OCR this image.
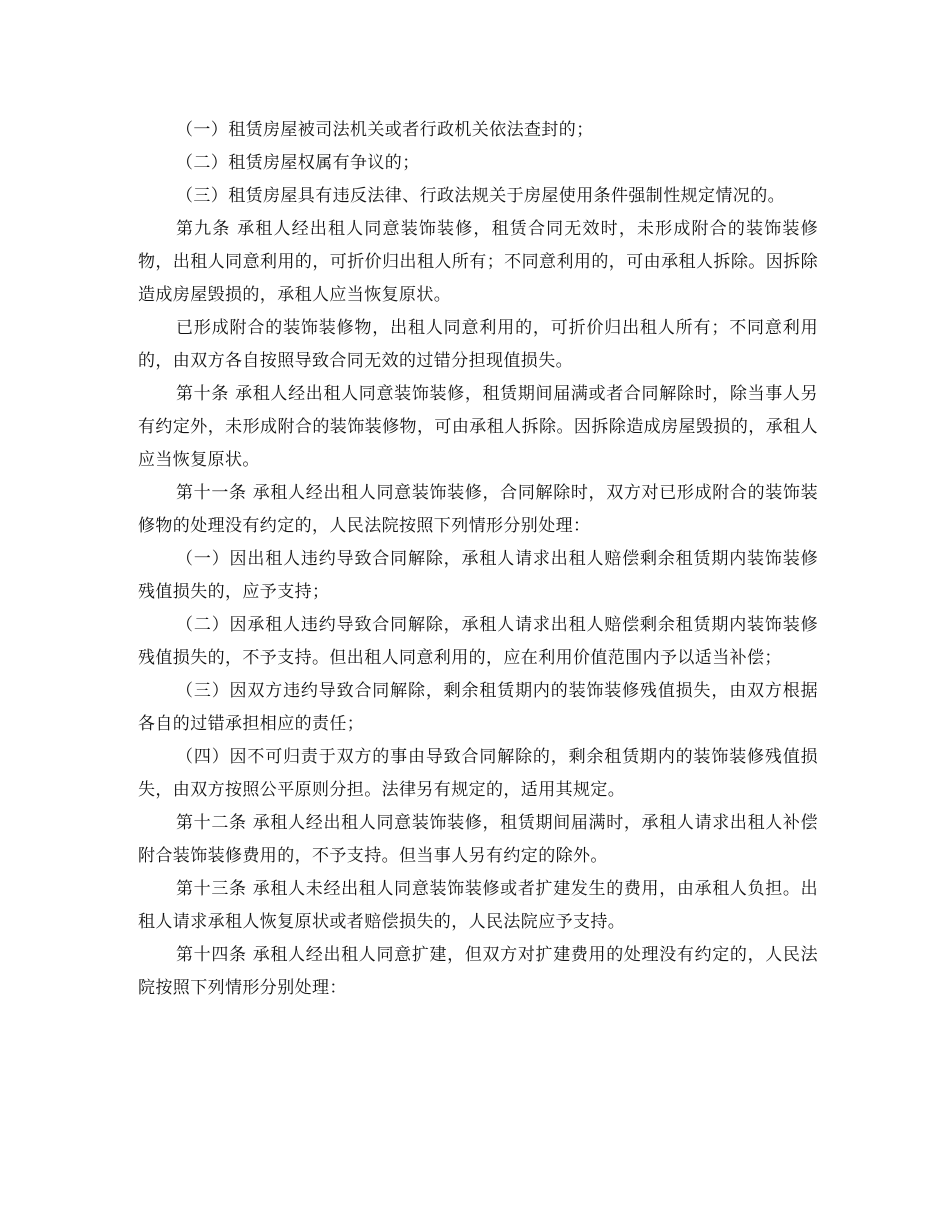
（一）租赁房屋被司法机关或者行政机关依法查封的；

（二）租赁房屋权属有争议的；

（三）租赁房屋具有违反法律、行政法规关于房屋使用条件强制性规定情况的。

第九条 承租人经出租人同意装饰装修，租赁合同无效时，未形成附合的装饰装修物，出租人同意利用的，可折价归出租人所有；不同意利用的，可由承租人拆除。因拆除造成房屋毁损的，承租人应当恢复原状。

已形成附合的装饰装修物，出租人同意利用的，可折价归出租人所有；不同意利用的，由双方各自按照导致合同无效的过错分担现值损失。

第十条 承租人经出租人同意装饰装修，租赁期间届满或者合同解除时，除当事人另有约定外，未形成附合的装饰装修物，可由承租人拆除。因拆除造成房屋毁损的，承租人应当恢复原状。

第十一条 承租人经出租人同意装饰装修，合同解除时，双方对已形成附合的装饰装修物的处理没有约定的，人民法院按照下列情形分别处理：

（一）因出租人违约导致合同解除，承租人请求出租人赔偿剩余租赁期内装饰装修残值损失的，应予支持；

（二）因承租人违约导致合同解除，承租人请求出租人赔偿剩余租赁期内装饰装修残值损失的，不予支持。但出租人同意利用的，应在利用价值范围内予以适当补偿；

（三）因双方违约导致合同解除，剩余租赁期内的装饰装修残值损失，由双方根据各自的过错承担相应的责任；

（四）因不可归责于双方的事由导致合同解除的，剩余租赁期内的装饰装修残值损失，由双方按照公平原则分担。法律另有规定的，适用其规定。

第十二条 承租人经出租人同意装饰装修，租赁期间届满时，承租人请求出租人补偿附合装饰装修费用的，不予支持。但当事人另有约定的除外。

第十三条 承租人未经出租人同意装饰装修或者扩建发生的费用，由承租人负担。出租人请求承租人恢复原状或者赔偿损失的，人民法院应予支持。

第十四条 承租人经出租人同意扩建，但双方对扩建费用的处理没有约定的，人民法院按照下列情形分别处理：
